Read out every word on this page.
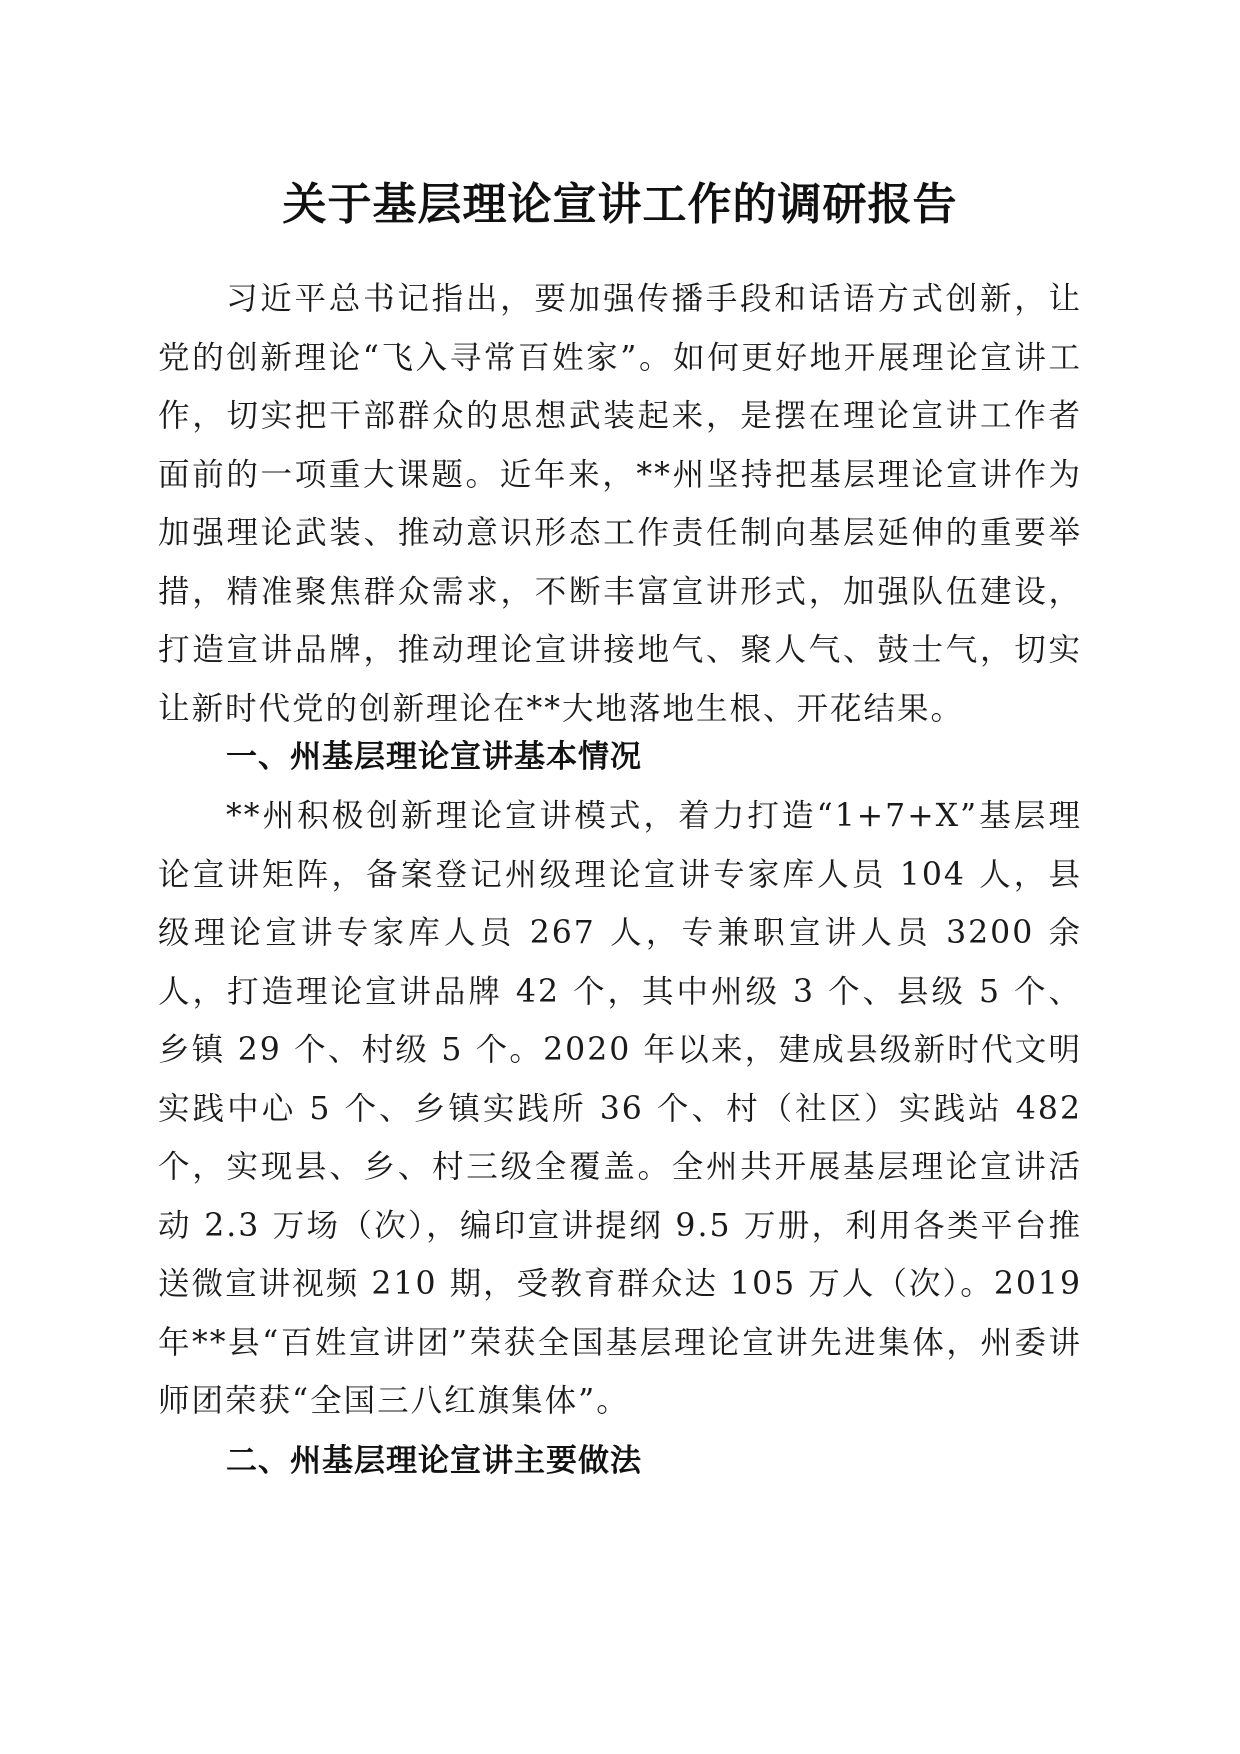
关于基层理论宣讲工作的调研报告

习近平总书记指出，要加强传播手段和话语方式创新，让党的创新理论“飞入寻常百姓家”。如何更好地开展理论宣讲工作，切实把干部群众的思想武装起来，是摆在理论宣讲工作者面前的一项重大课题。近年来，**州坚持把基层理论宣讲作为加强理论武装、推动意识形态工作责任制向基层延伸的重要举措，精准聚焦群众需求，不断丰富宣讲形式，加强队伍建设，打造宣讲品牌，推动理论宣讲接地气、聚人气、鼓士气，切实让新时代党的创新理论在**大地落地生根、开花结果。

一、州基层理论宣讲基本情况

**州积极创新理论宣讲模式，着力打造“1+7+X”基层理论宣讲矩阵，备案登记州级理论宣讲专家库人员 104 人，县级理论宣讲专家库人员 267 人，专兼职宣讲人员 3200 余人，打造理论宣讲品牌 42 个，其中州级 3 个、县级 5 个、乡镇 29 个、村级 5 个。2020 年以来，建成县级新时代文明实践中心 5 个、乡镇实践所 36 个、村（社区）实践站 482 个，实现县、乡、村三级全覆盖。全州共开展基层理论宣讲活动 2.3 万场（次），编印宣讲提纲 9.5 万册，利用各类平台推送微宣讲视频 210 期，受教育群众达 105 万人（次）。2019 年**县“百姓宣讲团”荣获全国基层理论宣讲先进集体，州委讲师团荣获“全国三八红旗集体”。

二、州基层理论宣讲主要做法
